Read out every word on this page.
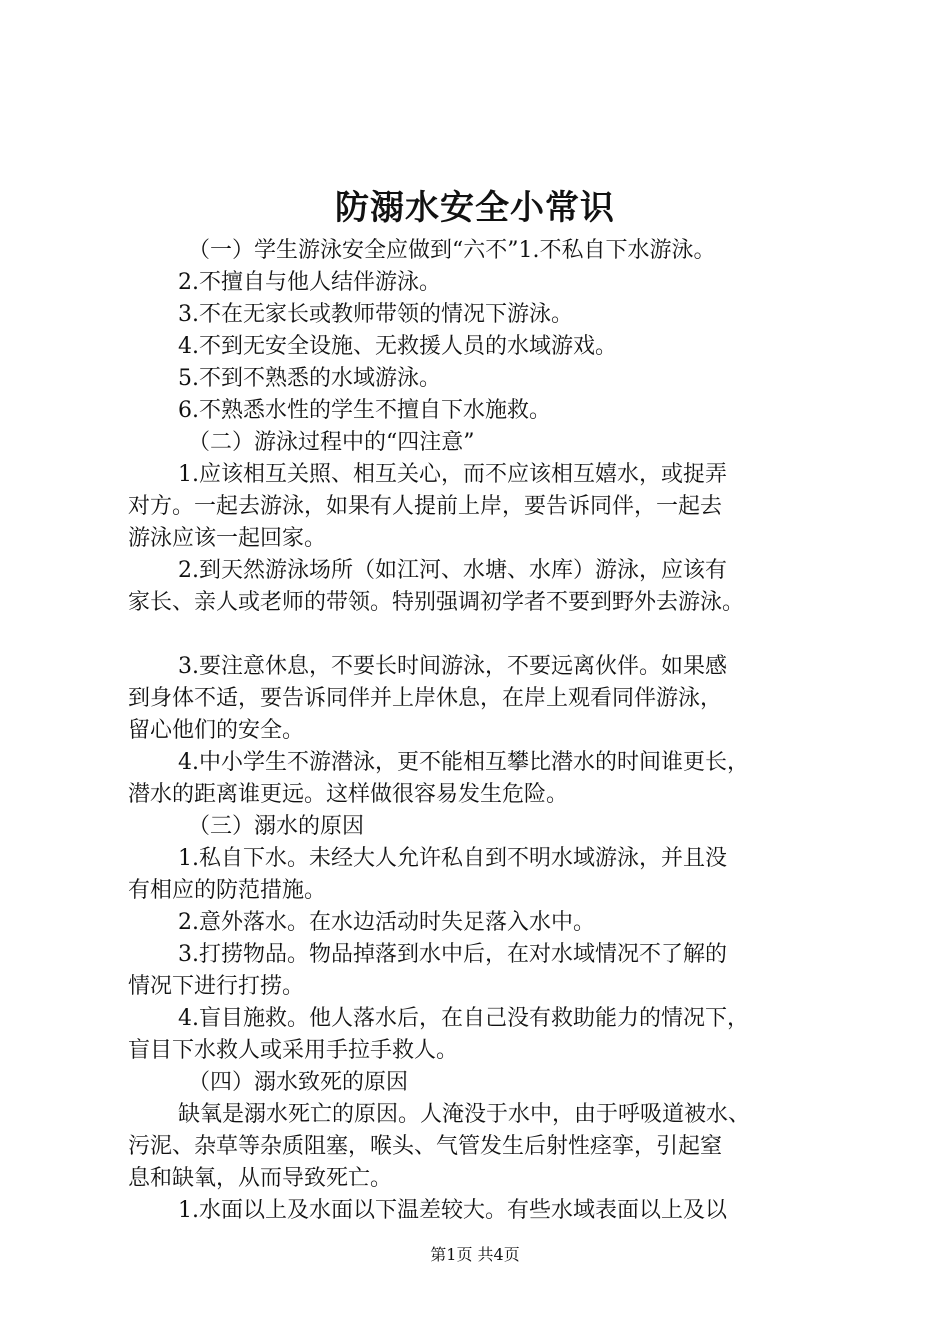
防溺水安全小常识
（一）学生游泳安全应做到“六不”1.不私自下水游泳。
2.不擅自与他人结伴游泳。
3.不在无家长或教师带领的情况下游泳。
4.不到无安全设施、无救援人员的水域游戏。
5.不到不熟悉的水域游泳。
6.不熟悉水性的学生不擅自下水施救。
（二）游泳过程中的“四注意”
1.应该相互关照、相互关心，而不应该相互嬉水，或捉弄
对方。一起去游泳，如果有人提前上岸，要告诉同伴，一起去
游泳应该一起回家。
2.到天然游泳场所（如江河、水塘、水库）游泳，应该有
家长、亲人或老师的带领。特别强调初学者不要到野外去游泳。
3.要注意休息，不要长时间游泳，不要远离伙伴。如果感
到身体不适，要告诉同伴并上岸休息，在岸上观看同伴游泳，
留心他们的安全。
4.中小学生不游潜泳，更不能相互攀比潜水的时间谁更长，
潜水的距离谁更远。这样做很容易发生危险。
（三）溺水的原因
1.私自下水。未经大人允许私自到不明水域游泳，并且没
有相应的防范措施。
2.意外落水。在水边活动时失足落入水中。
3.打捞物品。物品掉落到水中后，在对水域情况不了解的
情况下进行打捞。
4.盲目施救。他人落水后，在自己没有救助能力的情况下，
盲目下水救人或采用手拉手救人。
（四）溺水致死的原因
缺氧是溺水死亡的原因。人淹没于水中，由于呼吸道被水、
污泥、杂草等杂质阻塞，喉头、气管发生后射性痉挛，引起窒
息和缺氧，从而导致死亡。
1.水面以上及水面以下温差较大。有些水域表面以上及以
第1页 共4页
